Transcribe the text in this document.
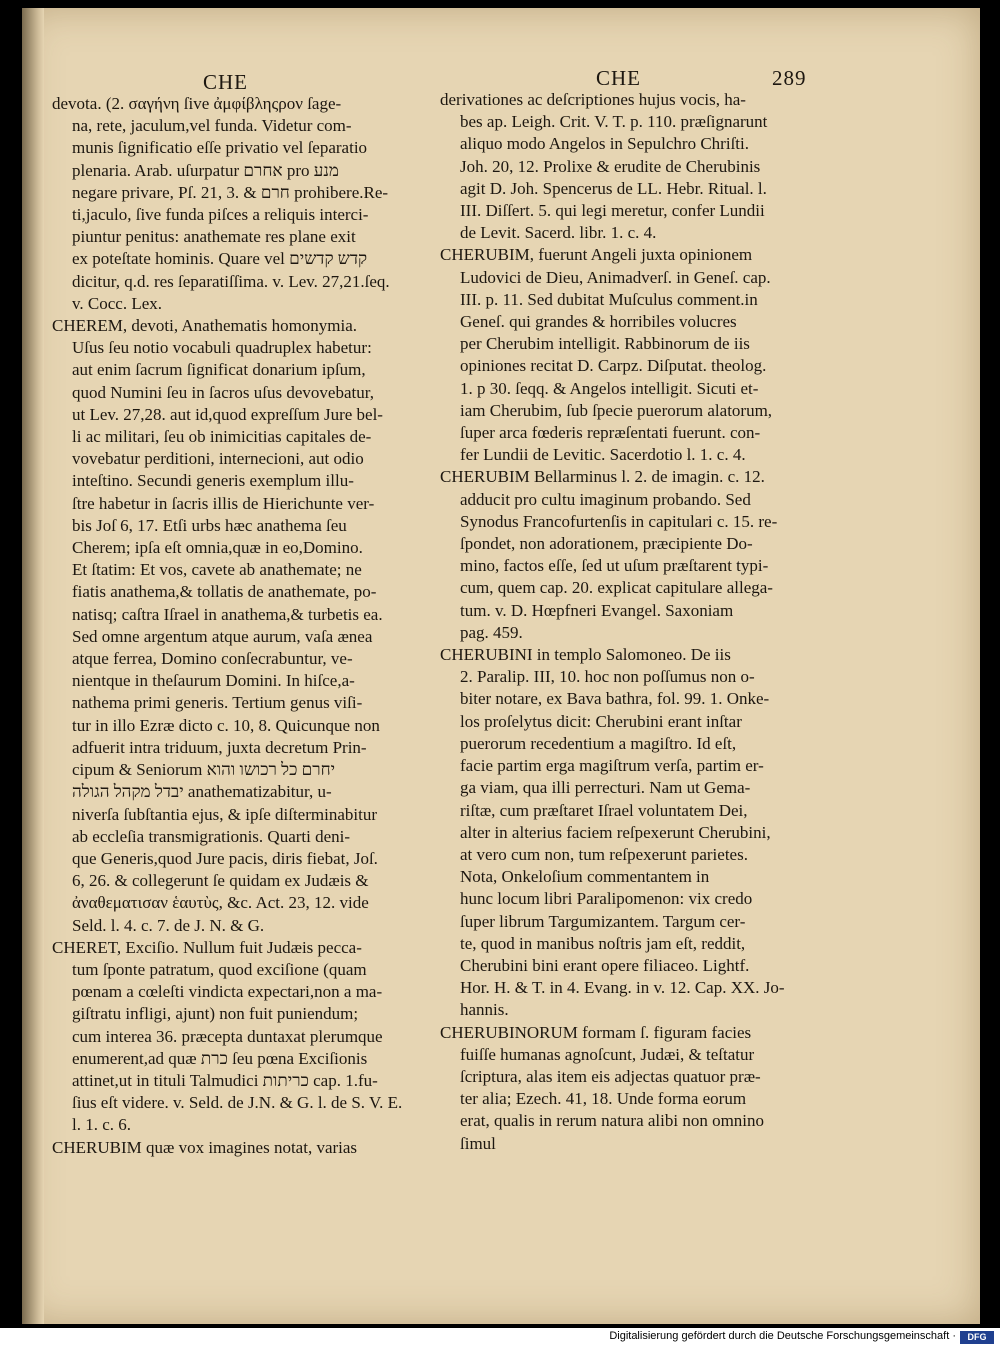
CHE	CHE	289

devota. (2. σαγήνη ſive ἀμφίβληςρον ſage-

na, rete, jaculum,vel funda. Videtur com-

munis ſignificatio eſſe privatio vel ſeparatio

plenaria. Arab. uſurpatur אחרם pro מנע

negare privare, Pſ. 21, 3. & חרם prohibere.Re-

ti,jaculo, ſive funda piſces a reliquis interci-

piuntur penitus: anathemate res plane exit

ex poteſtate hominis. Quare vel קדש קדשים

dicitur, q.d. res ſeparatiſſima. v. Lev. 27,21.ſeq.

v. Cocc. Lex.

CHEREM, devoti, Anathematis homonymia.

Uſus ſeu notio vocabuli quadruplex habetur:

aut enim ſacrum ſignificat donarium ipſum,

quod Numini ſeu in ſacros uſus devovebatur,

ut Lev. 27,28. aut id,quod expreſſum Jure bel-

li ac militari, ſeu ob inimicitias capitales de-

vovebatur perditioni, internecioni, aut odio

inteſtino. Secundi generis exemplum illu-

ſtre habetur in ſacris illis de Hierichunte ver-

bis Joſ 6, 17. Etſi urbs hæc anathema ſeu

Cherem; ipſa eſt omnia,quæ in eo,Domino.

Et ſtatim: Et vos, cavete ab anathemate; ne

fiatis anathema,& tollatis de anathemate, po-

natisq; caſtra Iſrael in anathema,& turbetis ea.

Sed omne argentum atque aurum, vaſa ænea

atque ferrea, Domino conſecrabuntur, ve-

nientque in theſaurum Domini. In hiſce,a-

nathema primi generis. Tertium genus viſi-

tur in illo Ezræ dicto c. 10, 8. Quicunque non

adfuerit intra triduum, juxta decretum Prin-

cipum & Seniorum יחרם כל רכושו והוא

יבדל מקהל הגולה anathematizabitur, u-

niverſa ſubſtantia ejus, & ipſe diſterminabitur

ab eccleſia transmigrationis. Quarti deni-

que Generis,quod Jure pacis, diris fiebat, Joſ.

6, 26. & collegerunt ſe quidam ex Judæis &

ἀναθεματισαν ἑαυτὺς, &c. Act. 23, 12. vide

Seld. l. 4. c. 7. de J. N. & G.

CHERET, Exciſio. Nullum fuit Judæis pecca-

tum ſponte patratum, quod exciſione (quam

pœnam a cœleſti vindicta expectari,non a ma-

giſtratu infligi, ajunt) non fuit puniendum;

cum interea 36. præcepta duntaxat plerumque

enumerent,ad quæ כרת ſeu pœna Exciſionis

attinet,ut in tituli Talmudici כריתות cap. 1.fu-

ſius eſt videre. v. Seld. de J.N. & G. l. de S. V. E.

l. 1. c. 6.

CHERUBIM quæ vox imagines notat, varias

derivationes ac deſcriptiones hujus vocis, ha-

bes ap. Leigh. Crit. V. T. p. 110. præſignarunt

aliquo modo Angelos in Sepulchro Chriſti.

Joh. 20, 12. Prolixe & erudite de Cherubinis

agit D. Joh. Spencerus de LL. Hebr. Ritual. l.

III. Diſſert. 5. qui legi meretur, confer Lundii

de Levit. Sacerd. libr. 1. c. 4.

CHERUBIM, fuerunt Angeli juxta opinionem

Ludovici de Dieu, Animadverſ. in Geneſ. cap.

III. p. 11. Sed dubitat Muſculus comment.in

Geneſ. qui grandes & horribiles volucres

per Cherubim intelligit. Rabbinorum de iis

opiniones recitat D. Carpz. Diſputat. theolog.

1. p 30. ſeqq. & Angelos intelligit. Sicuti et-

iam Cherubim, ſub ſpecie puerorum alatorum,

ſuper arca fœderis repræſentati fuerunt. con-

fer Lundii de Levitic. Sacerdotio l. 1. c. 4.

CHERUBIM Bellarminus l. 2. de imagin. c. 12.

adducit pro cultu imaginum probando. Sed

Synodus Francofurtenſis in capitulari c. 15. re-

ſpondet, non adorationem, præcipiente Do-

mino, factos eſſe, ſed ut uſum præſtarent typi-

cum, quem cap. 20. explicat capitulare allega-

tum. v. D. Hœpfneri Evangel. Saxoniam

pag. 459.

CHERUBINI in templo Salomoneo. De iis

2. Paralip. III, 10. hoc non poſſumus non o-

biter notare, ex Bava bathra, fol. 99. 1. Onke-

los proſelytus dicit: Cherubini erant inſtar

puerorum recedentium a magiſtro. Id eſt,

facie partim erga magiſtrum verſa, partim er-

ga viam, qua illi perrecturi. Nam ut Gema-

riſtæ, cum præſtaret Iſrael voluntatem Dei,

alter in alterius faciem reſpexerunt Cherubini,

at vero cum non, tum reſpexerunt parietes.

Nota, Onkeloſium commentantem in

hunc locum libri Paralipomenon: vix credo

ſuper librum Targumizantem. Targum cer-

te, quod in manibus noſtris jam eſt, reddit,

Cherubini bini erant opere filiaceo. Lightf.

Hor. H. & T. in 4. Evang. in v. 12. Cap. XX. Jo-

hannis.

CHERUBINORUM formam ſ. figuram facies

fuiſſe humanas agnoſcunt, Judæi, & teſtatur

ſcriptura, alas item eis adjectas quatuor præ-

ter alia; Ezech. 41, 18. Unde forma eorum

erat, qualis in rerum natura alibi non omnino

ſimul

Digitalisierung gefördert durch die Deutsche Forschungsgemeinschaft ·	DFG
